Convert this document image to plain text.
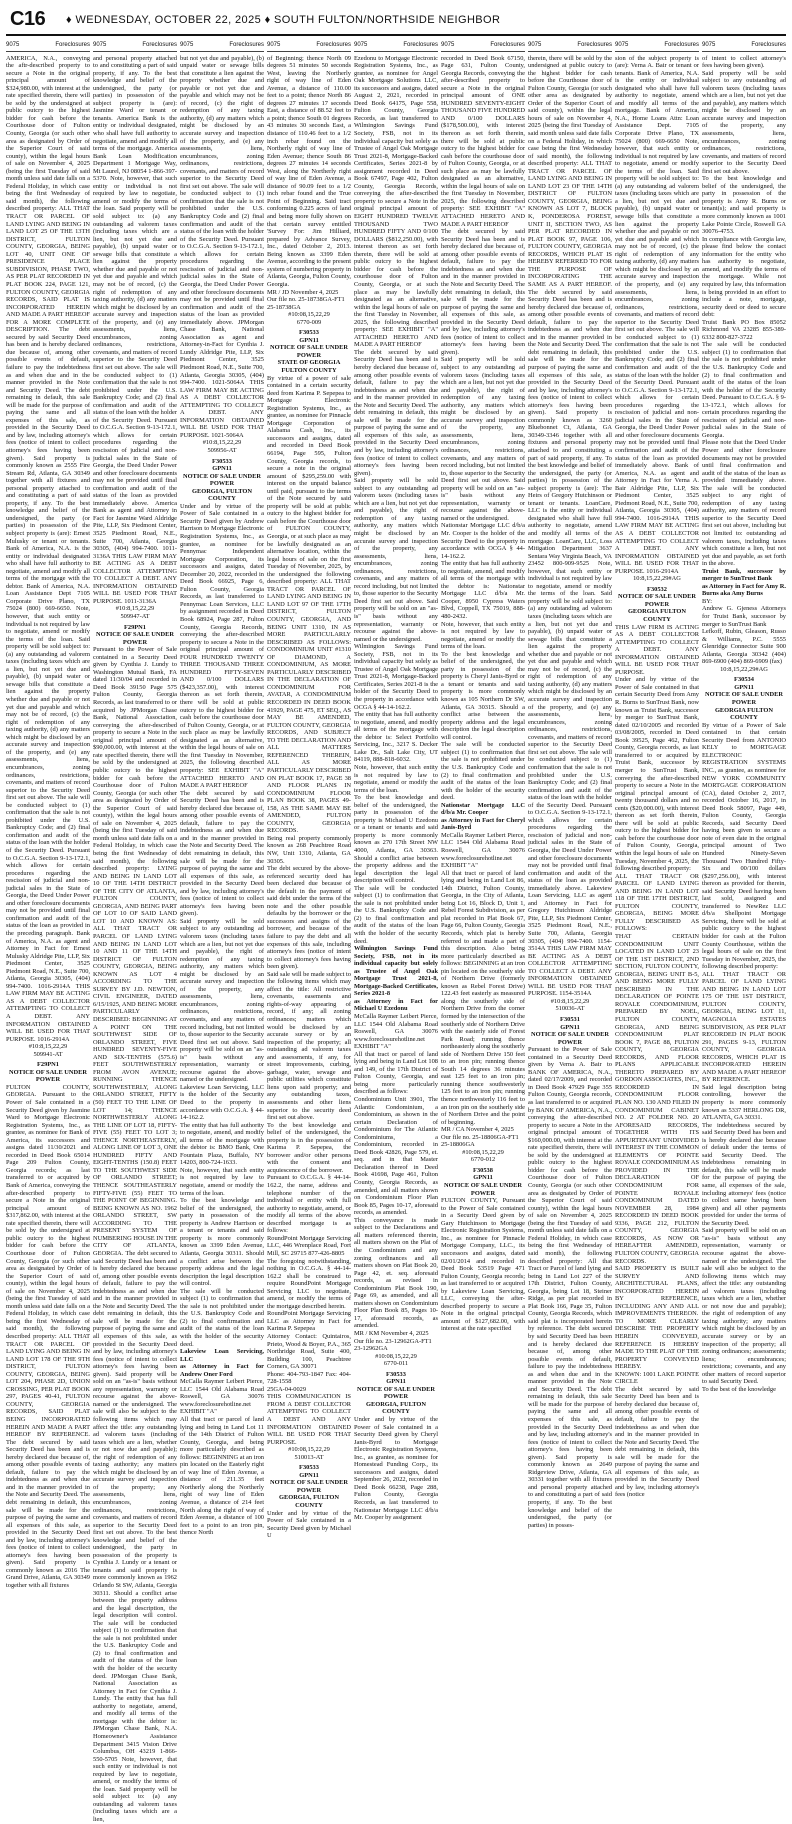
C16 ♦ WEDNESDAY, OCTOBER 22, 2025 ♦ SOUTH FULTON/NORTHSIDE NEIGHBOR
9075	Foreclosures

AMERICA, N.A., conveying the aftr-described property to secure a Note in the original principal amount of $324,980.00, with interest at the rate specified therein, there will be sold by the undersigned at public outcry to the highest bidder for cash before the Courthouse door of Fulton County, Georgia (or such other area as designated by Order of the Superior Court of said county), within the legal hours of sale on November 4, 2025 (being the first Tuesday of said month unless said date falls on a Federal Holiday, in which case being the first Wednesday of said month), the following described property: ALL THAT TRACT OR PARCEL OF LAND LYING AND BEING IN LAND LOT 25 OF THE 13TH DISTRICT, FULTON COUNTY, GEORGIA, BEING LOT 40, UNIT ONE OF PRESIDENCE PLACE SUBDIVISION, PHASE TWO, AS PER PLAT RECORDED IN PLAT BOOK 224, PAGE 121, FULTON COUNTY, GEORGIA RECORDS, SAID PLAT IS INCORPORATED HEREIN AND MADE A PART HEREOF FOR A MORE COMPLETE DESCRIPTION. The debt secured by said Security Deed has been and is hereby declared due because of, among other possible events of default, failure to pay the indebtedness as and when due and in the manner provided in the Note and Security Deed. The debt remaining in default, this sale will be made for the purpose of paying the same and all expenses of this sale, as provided in the Security Deed and by law, including attorney's fees (notice of intent to collect attorney's fees having been given). Said property is commonly known as 2555 Fire Stream Rd, Atlanta, GA 30349 together with all fixtures and personal property attached to and constituting a part of said property, if any. To the best knowledge and belief of the undersigned, the party (or parties) in possession of the subject property is (are): Ernest Mulusky or tenant or tenants. Bank of America, N.A. is the entity or individual designated who shall have full authority to negotiate, amend and modify all terms of the mortgage with the debtor. Bank of America, N.A. Loan Assistance Dept 7105 Corporate Drive Plano, TX 75024 (800) 669-6650. Note, however, that such entity or individual is not required by law to negotiate, amend or modify the terms of the loan. Said property will be sold subject to: (a) any outstanding ad valorem taxes (including taxes which are a lien, but not yet due and payable), (b) unpaid water or sewage bills that constitute a lien against the property whether due and payable or not yet due and payable and which may not be of record, (c) the right of redemption of any taxing authority, (d) any matters which might be disclosed by an accurate survey and inspection of the property, and (e) any assessments, liens, encumbrances, zoning ordinances, restrictions, covenants, and matters of record superior to the Security Deed first set out above. The sale will be conducted subject to (1) confirmation that the sale is not prohibited under the U.S. Bankruptcy Code; and (2) final confirmation and audit of the status of the loan with the holder of the Security Deed. Pursuant to O.C.G.A. Section 9-13-172.1, which allows for certain procedures regarding the rescission of judicial and non-judicial sales in the State of Georgia, the Deed Under Power and other foreclosure documents may not be provided until final confirmation and audit of the status of the loan as provided in the preceding paragraph. Bank of America, N.A. as agent and Attorney in Fact for Ernest Mulusky Aldridge Pite, LLP, Six Piedmont Center, 3525 Piedmont Road, N.E., Suite 700, Atlanta, Georgia 30305, (404) 994-7400. 1016-2914A THIS LAW FIRM MAY BE ACTING AS A DEBT COLLECTOR ATTEMPTING TO COLLECT A DEBT. ANY INFORMATION OBTAINED WILL BE USED FOR THAT PURPOSE. 1016-2914A

#10:8,15,22,29

509941-AT

F29PN1

NOTICE OF SALE UNDER POWER

FULTON COUNTY, GEORGIA. Pursuant to the Power of Sale contained in a Security Deed given by Jasmine Ward to Mortgage Electronic Registration Systems, Inc., as grantee, as nominee for Bank of America, its successors and assigns dated 11/30/2021 and recorded in Deed Book 65014 Page 209 Fulton County, Georgia records; as last transferred to or acquired by Bank of America, conveying the after-described property to secure a Note in the original principal amount of $317,862.00, with interest at the rate specified therein, there will be sold by the undersigned at public outcry to the highest bidder for cash before the Courthouse door of Fulton County, Georgia (or such other area as designated by Order of the Superior Court of said county), within the legal hours of sale on November 4, 2025 (being the first Tuesday of said month unless said date falls on a Federal Holiday, in which case being the first Wednesday of said month), the following described property: ALL THAT TRACT OR PARCEL OF LAND LYING AND BEING IN LAND LOT 178 OF THE 9TH DISTRICT, FULTON COUNTY, GEORGIA, BEING LOT 204, PHASE 2D, UNION CROSSING, PER PLAT BOOK 297, PAGES 40-41, FULTON COUNTY, GEORGIA RECORDS, SAID PLAT BEING INCORPORATED HEREIN AND MADE A PART HEREOF BY REFERENCE. The debt secured by said Security Deed has been and is hereby declared due because of, among other possible events of default, failure to pay the indebtedness as and when due and in the manner provided in the Note and Security Deed. The debt remaining in default, this sale will be made for the purpose of paying the same and all expenses of this sale, as provided in the Security Deed and by law, including attorney's fees (notice of intent to collect attorney's fees having been given). Said property is commonly known as 2016 The Grand Drive, Atlanta, GA 30349 together with all fixtures

9075	Foreclosures

and personal property attached to and constituting a part of said property, if any. To the best knowledge and belief of the undersigned, the party (or parties) in possession of the subject property is (are): Jasmine Ward or tenant or tenants. America Bank is the entity or individual designated, who shall have full authority to negotiate, amend and modify all terms of the mortgage. America Bank Loan Modification Department 1 Mortgage Way, Mt Laurel, NJ 08054 1-866-397-5370. Note, however, that such entity or individual is not required by law to negotiate, amend or modify the terms of the loan. Said property will be sold subject to: (a) any outstanding ad valorem taxes (including taxes which are a lien, but not yet due and payable), (b) unpaid water or sewage bills that constitute a lien against the property whether due and payable or not yet due and payable and which may not be of record, (c) the right of redemption of any taxing authority, (d) any matters which might be disclosed by an accurate survey and inspection of the property, and (e) any assessments, liens, encumbrances, zoning ordinances, restrictions, covenants, and matters of record superior to the Security Deed first set out above. The sale will be conducted subject to (1) confirmation that the sale is not prohibited under the U.S. Bankruptcy Code; and (2) final confirmation and audit of the status of the loan with the holder of the Security Deed. Pursuant to O.C.G.A. Section 9-13-172.1, which allows for certain procedures regarding the rescission of judicial and non-judicial sales in the State of Georgia, the Deed Under Power and other foreclosure documents may not be provided until final confirmation and audit of the status of the loan as provided immediately above. America Bank as agent and Attorney in Fact for Jasmine Ward Aldridge Pite, LLP, Six Piedmont Center, 3525 Piedmont Road, N.E., Suite 700, Atlanta, Georgia 30305, (404) 994-7400. 1011-3136A THIS LAW FIRM MAY BE ACTING AS A DEBT COLLECTOR ATTEMPTING TO COLLECT A DEBT. ANY INFORMATION OBTAINED WILL BE USED FOR THAT PURPOSE. 1011-3136A

#10:8,15,22,29

509947-AT

F29PN1

NOTICE OF SALE UNDER POWER

Pursuant to the Power of Sale contained in a Security Deed given by Cynthia J. Lundy to Washington Mutual Bank, FA dated 11/30/04 and recorded in Deed Book 39150 Page 575 Fulton County, Georgia Records, as last transferred to or acquired by JPMorgan Chase Bank, National Association, conveying the after-described property to secure a Note in the original principal amount of $90,000.00, with interest at the rate specified therein, there will be sold by the undersigned at public outcry to the highest bidder for cash before the Courthouse door of Fulton County, Georgia (or such other area as designated by Order of the Superior Court of said county), within the legal hours of sale on November 4, 2025 (being the first Tuesday of said month unless said date falls on a Federal Holiday, in which case being the first Wednesday of said month), the following described property: LYING AND BEING IN LAND LOT 10 OF THE 14TH DISTRICT OF THE CITY OF ATLANTA, FULTON COUNTY, GEORGIA, AND BEING PART OF LOT 10 OF SAID LAND LOT 10 AND KNOWN AS: ALL THAT TRACT OR PARCEL OF LAND LYING AND BEING IN LAND LOT 10 AND 11 OF THE 14TH DISTRICT OF FULTON COUNTY, GEORGIA, BEING KNOWN AS LOT 4 ACCORDING TO THE SURVEY BY J.D. NEWTON, CIVIL ENGINEER, DATED 6/15/1925, AND BEING MORE PARTICULARLY DESCRIBED: BEGINNING AT A POINT ON THE SOUTHWEST SIDE OF ORLANDO STREET, FIVE HUNDRED SEVENTY-FIVE AND SIX-TENTHS (575.6) FEET SOUTHWESTERLY FROM AVON AVENUE; RUNNING THENCE SOUTHWESTERLY, ALONG ORLANDO STREET, FIFTY (50) FEET TO THE LINE OF LOT 14; THENCE NORTHWESTERLY ALONG THE LINE OF LOT 18, FIFTY-FIVE (55) FEET TO LOT 3; THENCE NORTHEASTERLY, ALONG LINE OF LOT 3, ONE HUNDRED FIFTY AND EIGHT-TENTHS (150.8) FEET TO THE SOUTHWEST SIDE OF ORLANDO STREET; THENCE SOUTHEASTERLY FIFTY-FIVE (55) FEET TO THE POINT OF BEGINNING. BEING KNOWN AS NO. 1962 ORLANDO STREET, SW ACCORDING TO THE PRESENT SYSTEM OF NUMBERING HOUSE IN THE CITY OF ATLANTA, GEORGIA. The debt secured to said Security Deed has been and is hereby declared due because of, among other possible events of default, failure to pay the indebtedness as and when due and in the manner provided in the Note and Security Deed. The debt remaining in default, this sale will be made for the purpose of paying the same and all expenses of this sale, as provided in the Security Deed and by law, including attorney's fees (notice of intent to collect attorney's fees having been given). Said property will be sold on an "as-is" basis without any representation, warranty or recourse against the above-named or the undersigned. The sale will also be subject to the following items which may affect the title: any outstanding ad valorem taxes (including taxes which are a lien, whether or not now due and payable); the right of redemption of any taxing authority; any matters which might be disclosed by an accurate survey and inspection of the property; any assessments, liens, encumbrances, zoning ordinances, restrictions, covenants, and matters of record superior to the Security Deed first set out above. To the best knowledge and belief of the undersigned, the party in possession of the property is Cynthia J. Lundy or a tenant or tenants and said property is more commonly known as 1962 Orlando St SW, Atlanta, Georgia 30311. Should a conflict arise between the property address and the legal description, the legal description will control. The sale will be conducted subject (1) to confirmation that the sale is not prohibited under the U.S. Bankruptcy Code and (2) to final confirmation and audit of the status of the loan with the holder of the security deed. JPMorgan Chase Bank, National Association as Attorney in Fact for Cynthia J. Lundy. The entity that has full authority to negotiate, amend, and modify all terms of the mortgage with the debtor is: JPMorgan Chase Bank, N.A. Homeowner's Assistance Department 3415 Vision Drive Columbus, OH 43219 1-866-550-5705 Note, however, that such entity or individual is not required by law to negotiate, amend, or modify the terms of the loan. Said property will be sold subject to: (a) any outstanding ad valorem taxes (including taxes which are a lien,

9075	Foreclosures

but not yet due and payable), (b) unpaid water or sewage bills that constitute a lien against the property whether due and payable or not yet due and payable and which may not be of record, (c) the right of redemption of any taxing authority, (d) any matters which might be disclosed by an accurate survey and inspection of the property, and (e) any assessments, liens, encumbrances, zoning ordinances, restrictions, covenants, and matters of record superior to the Security Deed first set out above. The sale will be conducted subject to (1) confirmation that the sale is not prohibited under the U.S. Bankruptcy Code and (2) final confirmation and audit of the status of the loan with the holder of the Security Deed. Pursuant to O.C.G.A. Section 9-13-172.1, which allows for certain procedures regarding the rescission of judicial and non-judicial sales in the State of Georgia, the Deed Under Power and other foreclosure documents may not be provided until final confirmation and audit of the status of the loan as provided immediately above. JPMorgan Chase Bank, National Association as agent and Attorney-in-Fact for Cynthia J. Lundy Aldridge Pite, LLP, Six Piedmont Center, 3525 Piedmont Road, N.E., Suite 700, Atlanta, Georgia 30305, (404) 994-7400. 1021-5064A THIS LAW FIRM MAY BE ACTING AS A DEBT COLLECTOR ATTEMPTING TO COLLECT A DEBT. ANY INFORMATION OBTAINED WILL BE USED FOR THAT PURPOSE. 1021-5064A

#10:8,15,22,29

509956-AT

F30533

GPN11

NOTICE OF SALE UNDER POWER

GEORGIA, FULTON COUNTY

Under and by virtue of the Power of Sale contained in a Security Deed given by Andrew Harrison to Mortgage Electronic Registration Systems, Inc., as grantee, as nominee for Pennymac Independent Mortgage Corporation, its successors and assigns, dated December 20, 2022, recorded in Deed Book 66925, Page 6, Fulton County, Georgia Records, as last transferred to Pennymac Loan Services, LLC by assignment recorded in Deed Book 68924, Page 287, Fulton County, Georgia Records, conveying the after-described property to secure a Note in the original principal amount of FOUR HUNDRED TWENTY THREE THOUSAND THREE HUNDRED FIFTY-SEVEN AND 0/100 DOLLARS ($423,357.00), with interest thereon as set forth therein, there will be sold at public outcry to the highest bidder for cash before the courthouse door of Fulton County, Georgia, or at such place as may be lawfully designated as an alternative, within the legal hours of sale on the first Tuesday in November, 2025, the following described property: SEE EXHIBIT "A" ATTACHED HERETO AND MADE A PART HEREOF

The debt secured by said Security Deed has been and is hereby declared due because of, among other possible events of default, failure to pay the indebtedness as and when due and in the manner provided in the Note and Security Deed. The debt remaining in default, this sale will be made for the purpose of paying the same and all expenses of this sale, as provided in the Security Deed and by law, including attorney's fees (notice of intent to collect attorney's fees having been given).

Said property will be sold subject to any outstanding ad valorem taxes (including taxes which are a lien, but not yet due and payable), the right of redemption of any taxing authority, any matters which might be disclosed by an accurate survey and inspection of the property, any assessments, liens, encumbrances, zoning ordinances, restrictions, covenants, and any matters of record including, but not limited to, those superior to the Security Deed first set out above. Said property will be sold on an "as-is" basis without any representation, warranty or recourse against the above-named or the undersigned.

Lakeview Loan Servicing, LLC is the holder of the Security Deed to the property in accordance with O.C.G.A. § 44-14-162.2.

The entity that has full authority to negotiate, amend, and modify all terms of the mortgage with the debtor is: BMO Bank, One Fountain Plaza, Buffalo, NY 14203, 800-724-1633.

Note, however, that such entity is not required by law to negotiate, amend or modify the terms of the loan.

To the best knowledge and belief of the undersigned, the party in possession of the property is Andrew Harrison or a tenant or tenants and said property is more commonly known as 3399 Eden Avenue, Atlanta, Georgia 30311. Should a conflict arise between the property address and the legal description the legal description will control.

The sale will be conducted subject (1) to confirmation that the sale is not prohibited under the U.S. Bankruptcy Code and (2) to final confirmation and audit of the status of the loan with the holder of the security deed.

Lakeview Loan Servicing, LLC

as Attorney in Fact for Andrew Oner Ford

McCalla Raymer Leibert Pierce, LLC 1544 Old Alabama Road Roswell, GA 30076 www.foreclosurehotline.net

EXHIBIT "A"

All that tract or parcel of land lying and being in Land Lot 11 of the 14th District of Fulton County, Georgia, and being more particularly described as follows: BEGINNING at an iron pin located on the Easterly right of way line of Eden Avenue, a distance of 211.35 feet Northerly along the Northerly right of way line of Eden Avenue, a distance of 214 feet North along the right of way of Eden Avenue, a distance of 100 feet to a point to an iron pin, thence North

9075	Foreclosures

of Beginning; thence North 09 degrees 51 minutes 50 seconds West, leaving the Northerly right of way line of Eden Avenue, a distance of 110.00 feet to a point; thence North 86 degrees 27 minutes 17 seconds East, a distance of 88.52 feet to a point; thence South 01 degrees 43 minutes 30 seconds East, a distance of 110.46 feet to a 1/2 inch rebar found on the Northerly right of way line of Eden Avenue; thence South 86 degrees 27 minutes 14 seconds West, along the Northerly right of way line of Eden Avenue, a distance of 90.09 feet to a 1/2 inch rebar found and the True Point of Beginning. Said tract conforming 0.225 acres of land and being more fully shown on that certain survey entitled 'Survey For: Jim Hilliard, prepared by Advance Survey, Inc., dated October 2, 2013. Being known as 3399 Eden Avenue, according to the present system of numbering property in Atlanta, Georgia, Fulton County, Georgia.

MR / JD November 4, 2025

Our file no. 25-18738GA-FT1

25-18738GA

#10:08,15,22,29

6770-009

F30533

GPN11

NOTICE OF SALE UNDER POWER

STATE OF GEORGIA FULTON COUNTY

By virtue of a power of sale contained in a certain security deed from Karima P. Sepepea to Mortgage Electronic Registration Systems, Inc., as grantee, as nominee for Pinnacle Mortgage Corporation of Alabama Cash, Inc., its successors and assigns, dated and recorded in Deed Book 66194, Page 595, Fulton County, Georgia records, to secure a note in the original amount of $295,259.00 with interest on the unpaid balance until paid, pursuant to the terms of the Note secured by said property will be sold at public outcry to the highest bidder for cash before the Courthouse door of FULTON COUNTY, Georgia, or at such place as may be lawfully designated as an alternative location, within the legal hours of sale on the first Tuesday of November, 2025, by the undersigned the following described property: ALL THAT TRACT OR PARCEL OF LAND LYING AND BEING IN LAND LOT 97 OF THE 17TH DISTRICT, FULTON COUNTY, GEORGIA, AND BEING UNIT 1310, IN AS MORE PARTICULARLY DESCRIBED AS FOLLOWS: CONDOMINIUM UNIT #1310 OF DIAMOND, A CONDOMINIUM, AS MORE PARTICULARLY DESCRIBED IN THE DECLARATION OF CONDOMINIUM FOR AVATAR, A CONDOMINIUM RECORDED IN DEED BOOK 41929, PAGE 475, ET SEQ., AS MAY BE AMENDED, FULTON COUNTY, GEORGIA RECORDS, AND SUBJECT TO THE DECLARATION AND ALL MATTERS REFERENCED THEREIN, ALL AS MORE PARTICULARLY DESCRIBED ON PLAT BOOK 17, PAGE 38 AND FLOOR PLANS IN CONDOMINIUM FLOOR PLAN BOOK 38, PAGES 49-158, AS THE SAME MAY BE AMENDED, FULTON COUNTY, GEORGIA RECORDS.

Being real property commonly known as 268 Peachtree Road NW, Unit 1310, Atlanta, GA 30305.

The debt secured by the above-referenced security deed has been declared due because of the default in the payment of said debt under the terms of the note and the other possible defaults by the borrower or the successors and assigns of the borrower, and because of the failure to pay the debt and all expenses of this sale, including attorney's fees (notice of intent to collect attorney's fees having been given).

Said sale will be made subject to the following items which may affect the title: All restrictive covenants, easements and rights-of-way appearing of record, if any; all zoning ordinances; matters which would be disclosed by an accurate survey or by an inspection of the property; all outstanding ad valorem taxes and assessments, if any, for street improvements, curbing, garbage, water, sewage and public utilities which constitute liens upon said property; and any outstanding taxes, assessments and other liens superior to the security deed first set out above.

To the best knowledge and belief of the undersigned, the property is in the possession of Karima P. Sepepea, the borrower and/or other persons with the consent and acquiescence of the borrower.

Pursuant to O.C.G.A. § 44-14-162.2, the name, address and telephone number of the individual or entity with full authority to negotiate, amend, or modify all terms of the above described mortgage is as follows:

RoundPoint Mortgage Servicing LLC, 446 Wrenplace Road, Fort Mill, SC 29715 877-426-8805

The foregoing notwithstanding, nothing in O.C.G.A. § 44-14-162.2 shall be construed to require RoundPoint Mortgage Servicing LLC to negotiate, amend, or modify the terms of the mortgage described herein.

RoundPoint Mortgage Servicing LLC as Attorney in Fact for Karima P. Sepepea

Attorney Contact: Quintairos, Prieto, Wood & Boyer, P.A., 365 Northridge Road, Suite 400, Building 100, Peachtree Corners, GA 30071

Phone: 404-793-1847 Fax: 404-728-1558

25GA-04-0029

THIS COMMUNICATION IS FROM A DEBT COLLECTOR ATTEMPTING TO COLLECT A DEBT AND ANY INFORMATION OBTAINED WILL BE USED FOR THAT PURPOSE.

#10:08,15,22,29

510013-AT

F30533

GPN11

NOTICE OF SALE UNDER POWER

GEORGIA, FULTON COUNTY

Under and by virtue of the Power of Sale contained in a Security Deed given by Michael U

9075	Foreclosures

Ezedonu to Mortgage Electronic Registration Systems, Inc., as grantee, as nominee for Angel Oak Mortgage Solutions LLC, its successors and assigns, dated August 2, 2021, recorded in Deed Book 64175, Page 558, Fulton County, Georgia Records, as last transferred to Wilmington Savings Fund Society, FSB, not in its individual capacity but solely as Trustee of Angel Oak Mortgage Trust 2021-8, Mortgage-Backed Certificates, Series 2021-8 by assignment recorded in Deed Book 67497, Page 402, Fulton County, Georgia Records, conveying the after-described property to secure a Note in the original principal amount of EIGHT HUNDRED TWELVE THOUSAND TWO HUNDRED FIFTY AND 0/100 DOLLARS ($812,250.00), with interest thereon as set forth therein, there will be sold at public outcry to the highest bidder for cash before the courthouse door of Fulton County, Georgia, or at such place as may be lawfully designated as an alternative, within the legal hours of sale on the first Tuesday in November, 2025, the following described property: SEE EXHIBIT "A" ATTACHED HERETO AND MADE A PART HEREOF

The debt secured by said Security Deed has been and is hereby declared due because of, among other possible events of default, failure to pay the indebtedness as and when due and in the manner provided in the Note and Security Deed. The debt remaining in default, this sale will be made for the purpose of paying the same and all expenses of this sale, as provided in the Security Deed and by law, including attorney's fees (notice of intent to collect attorney's fees having been given).

Said property will be sold subject to any outstanding ad valorem taxes (including taxes which are a lien, but not yet due and payable), the right of redemption of any taxing authority, any matters which might be disclosed by an accurate survey and inspection of the property, any assessments, liens, encumbrances, zoning ordinances, restrictions, covenants, and any matters of record including, but not limited to, those superior to the Security Deed first set out above. Said property will be sold on an "as-is" basis without any representation, warranty or recourse against the above-named or the undersigned.

Wilmington Savings Fund Society, FSB, not in its individual capacity but solely as Trustee of Angel Oak Mortgage Trust 2021-8, Mortgage-Backed Certificates, Series 2021-8 is the holder of the Security Deed to the property in accordance with OCGA § 44-14-162.2.

The entity that has full authority to negotiate, amend, and modify all terms of the mortgage with the debtor is: Select Portfolio Servicing, Inc., 3217 S. Decker Lake Dr., Salt Lake City, UT 84119, 888-818-6032.

Note, however, that such entity is not required by law to negotiate, amend or modify the terms of the loan.

To the best knowledge and belief of the undersigned, the party in possession of the property is Michael U Ezedonu or a tenant or tenants and said property is more commonly known as 270 17th Street NW 4000, Atlanta, GA 30363. Should a conflict arise between the property address and the legal description the legal description will control.

The sale will be conducted subject (1) to confirmation that the sale is not prohibited under the U.S. Bankruptcy Code and (2) to final confirmation and audit of the status of the loan with the holder of the security deed.

Wilmington Savings Fund Society, FSB, not in its individual capacity but solely as Trustee of Angel Oak Mortgage Trust 2021-8, Mortgage-Backed Certificates, Series 2021-8

as Attorney in Fact for Michael U Ezedonu

McCalla Raymer Leibert Pierce, LLC 1544 Old Alabama Road Roswell, GA 30076 www.foreclosurehotline.net

EXHIBIT "A"

All that tract or parcel of land lying and being in Land Lot 108 and 149, of the 17th District of Fulton County, Georgia, and being more particularly described as follows:

Condominium Unit 3901, The Atlantic Condominium, a Condominium, as shown in the certain Declaration of Condominium for The Atlantic Condominiums, a Condominium, recorded in Deed Book 42826, Page 579, et. seq. and in that Master Declaration thereof in Deed Book 41698, Page 461, Fulton County, Georgia Records, as amended, and all matters shown on Condominium Floor Plan Book 85, Pages 10-17, aforesaid records, as amended.

This conveyance is made subject to the Declarations and all matters referenced therein, all matters shown on the Plat of the Condominium and any zoning ordinances and all matters shown on Plat Book 20, Page 42, et. seq. aforesaid records, as revised in Condominium Plat Book 190, Page 69, as amended, and all matters shown on Condominium Floor Plan Book 85, Pages 10-17, aforesaid records, as amended.

MR / KM November 4, 2025

Our file no. 23-12962GA-FT1

23-12962GA

#10:08,15,22,29

6770-011

F30533

GPN11

NOTICE OF SALE UNDER POWER

GEORGIA, FULTON COUNTY

Under and by virtue of the Power of Sale contained in a Security Deed given by Cheryl Janis-Byrd to Mortgage Electronic Registration Systems, Inc., as grantee, as nominee for Homestead Funding Corp., its successors and assigns, dated September 26, 2022, recorded in Deed Book 66238, Page 288, Fulton County, Georgia Records, as last transferred to Nationstar Mortgage LLC d/b/a Mr. Cooper by assignment

9075	Foreclosures

recorded in Deed Book 67150, Page 631, Fulton County, Georgia Records, conveying the after-described property to secure a Note in the original principal amount of ONE HUNDRED SEVENTY-EIGHT THOUSAND FIVE HUNDRED AND 0/100 DOLLARS ($178,500.00), with interest thereon as set forth therein, there will be sold at public outcry to the highest bidder for cash before the courthouse door of Fulton County, Georgia, or at such place as may be lawfully designated as an alternative, within the legal hours of sale on the first Tuesday in November, 2025, the following described property: SEE EXHIBIT "A" ATTACHED HERETO AND MADE A PART HEREOF

The debt secured by said Security Deed has been and is hereby declared due because of, among other possible events of default, failure to pay the indebtedness as and when due and in the manner provided in the Note and Security Deed. The debt remaining in default, this sale will be made for the purpose of paying the same and all expenses of this sale, as provided in the Security Deed and by law, including attorney's fees (notice of intent to collect attorney's fees having been given).

Said property will be sold subject to any outstanding ad valorem taxes (including taxes which are a lien, but not yet due and payable), the right of redemption of any taxing authority, any matters which might be disclosed by an accurate survey and inspection of the property, any assessments, liens, encumbrances, zoning ordinances, restrictions, covenants, and any matters of record including, but not limited to, those superior to the Security Deed first set out above. Said property will be sold on an "as-is" basis without any representation, warranty or recourse against the above-named or the undersigned.

Nationstar Mortgage LLC d/b/a Mr. Cooper is the holder of the Security Deed to the property in accordance with OCGA § 44-14-162.2.

The entity that has full authority to negotiate, amend, and modify all terms of the mortgage with the debtor is: Nationstar Mortgage LLC d/b/a Mr. Cooper, 8950 Cypress Waters Blvd, Coppell, TX 75019, 888-480-2432.

Note, however, that such entity is not required by law to negotiate, amend or modify the terms of the loan.

To the best knowledge and belief of the undersigned, the party in possession of the property is Cheryl Janis-Byrd or a tenant or tenants and said property is more commonly known as 105 Northern Dr SW, Atlanta, GA 30315. Should a conflict arise between the property address and the legal description the legal description will control.

The sale will be conducted subject (1) to confirmation that the sale is not prohibited under the U.S. Bankruptcy Code and (2) to final confirmation and audit of the status of the loan with the holder of the security deed.

Nationstar Mortgage LLC d/b/a Mr. Cooper

as Attorney in Fact for Cheryl Janis-Byrd

McCalla Raymer Leibert Pierce, LLC 1544 Old Alabama Road Roswell, GA 30076 www.foreclosurehotline.net

EXHIBIT "A"

All that tract or parcel of land lying and being in Land Lot 86, 14th District, Fulton County, Georgia, in the City of Atlanta, being Lot 16, Block D, Unit 1, Rebel Forest Subdivision, as per plat recorded in Plat Book 67, Page 66, Fulton County, Georgia Records, which plat is hereby referred to and made a part of this description. Also being more particularly described as follows: BEGINNING at an iron pin located on the southerly side of Northern Drive (formerly known as Rebel Forest Drive) 122.43 feet easterly as measured along the southerly side of Northern Drive from the corner formed by the intersection of the southerly side of Northern Drive with the easterly side of Forest Park Road; running thence northeasterly along the southerly side of Northern Drive 150 feet to an iron pin; running thence South 14 degrees 36 minutes east 125 feet to an iron pin; running thence southwesterly 125 feet to an iron pin; running thence northwesterly 116 feet to an iron pin on the southerly side of Northern Drive and the point of beginning.

MR / CA November 4, 2025

Our file no. 25-18806GA-FT1

25-18806GA

#10:08,15,22,29

6770-012

F30538

GPN11

NOTICE OF SALE UNDER POWER

FULTON COUNTY, Pursuant to the Power of Sale contained in a Security Deed given by Gary Hutchinson to Mortgage Electronic Registration Systems, Inc., as nominee for Pinnacle Mortgage Company, LLC., its successors and assigns, dated 02/01/2014 and recorded in Deed Book 53519 Page 471 Fulton County, Georgia records; as last transferred to or acquired by Lakeview Loan Servicing, LLC, conveying the after-described property to secure a Note in the original principal amount of $127,682.00, with interest at the rate specified

9075	Foreclosures

therein, there will be sold by the undersigned at public outcry to the highest bidder for cash before the Courthouse door of Fulton County, Georgia (or such other area as designated by Order of the Superior Court of said county), within the legal hours of sale on November 4, 2025 (being the first Tuesday of said month unless said date falls on a Federal Holiday, in which case being the first Wednesday of said month), the following described property: ALL THAT TRACT OR PARCEL OF LAND LYING AND BEING IN LAND LOT 23 OF THE 14TH DISTRICT OF FULTON COUNTY, GEORGIA, BEING KNOWN AS LOT 7, BLOCK K, PONDEROSA FOREST, UNIT II, SECTION TWO, AS PER PLAT RECORDED IN PLAT BOOK 97, PAGE 106, FULTON COUNTY, GEORGIA RECORDS, WHICH PLAT IS HEREBY REFERRED TO FOR THE PURPOSE OF INCORPORATING THE SAME AS A PART HEREOF. The debt secured by said Security Deed has been and is hereby declared due because of, among other possible events of default, failure to pay the indebtedness as and when due and in the manner provided in the Note and Security Deed. The debt remaining in default, this sale will be made for the purpose of paying the same and all expenses of this sale, as provided in the Security Deed and by law, including attorney's fees (notice of intent to collect attorney's fees having been given). Said property is commonly known as 3260 Bluebonnet Ct, Atlanta, GA 30349-3346 together with all fixtures and personal property attached to and constituting a part of said property, if any. To the best knowledge and belief of the undersigned, the party (or parties) in possession of the subject property is (are): The Heirs of Gregory Hutchinson or tenant or tenants. LoanCare, LLC is the entity or individual designated who shall have full authority to negotiate, amend and modify all terms of the mortgage. LoanCare, LLC, Loss Mitigation Department 3637 Sentara Way Virginia Beach, VA 23452 800-909-9525 Note, however, that such entity or individual is not required by law to negotiate, amend or modify the terms of the loan. Said property will be sold subject to: (a) any outstanding ad valorem taxes (including taxes which are a lien, but not yet due and payable), (b) unpaid water or sewage bills that constitute a lien against the property whether due and payable or not yet due and payable and which may not be of record, (c) the right of redemption of any taxing authority, (d) any matters which might be disclosed by an accurate survey and inspection of the property, and (e) any assessments, liens, encumbrances, zoning ordinances, restrictions, covenants, and matters of record superior to the Security Deed first set out above. The sale will be conducted subject to (1) confirmation that the sale is not prohibited under the U.S. Bankruptcy Code; and (2) final confirmation and audit of the status of the loan with the holder of the Security Deed. Pursuant to O.C.G.A. Section 9-13-172.1, which allows for certain procedures regarding the rescission of judicial and non-judicial sales in the State of Georgia, the Deed Under Power and other foreclosure documents may not be provided until final confirmation and audit of the status of the loan as provided immediately above. Lakeview Loan Servicing, LLC as agent and Attorney in Fact for Gregory Hutchinson Aldridge Pite, LLP, Six Piedmont Center, 3525 Piedmont Road, N.E., Suite 700, Atlanta, Georgia 30305, (404) 994-7400. 1154-3514A THIS LAW FIRM MAY BE ACTING AS A DEBT COLLECTOR ATTEMPTING TO COLLECT A DEBT. ANY INFORMATION OBTAINED WILL BE USED FOR THAT PURPOSE. 1154-3514A

#10:8,15,22,29

510036-AT

F30531

GPN11

NOTICE OF SALE UNDER POWER

Pursuant to the Power of Sale contained in a Security Deed given by Verna A. Bair to BANK OF AMERICA, N.A., dated 02/17/2009, and recorded in Deed Book 47929 Page 355 Fulton County, Georgia records, as last transferred to or acquired by BANK OF AMERICA, N.A., conveying the after-described property to secure a Note in the original principal amount of $160,000.00, with interest at the rate specified therein, there will be sold by the undersigned at public outcry to the highest bidder for cash before the Courthouse door of Fulton County, Georgia (or such other area as designated by Order of the Superior Court of said county), within the legal hours of sale on November 4, 2025 (being the first Tuesday of said month unless said date falls on a Federal Holiday, in which case being the first Wednesday of said month), the following described property: All that Tract or Parcel of land lying and being in Land Lot 227 of the 17th District, Fulton County, Georgia, being Lot 18, Steiner Ridge, as per plat recorded in Plat Book 166, Page 35, Fulton County, Georgia Records, which said plat is incorporated herein by reference. The debt secured by said Security Deed has been and is hereby declared due because of, among other possible events of default, failure to pay the indebtedness as and when due and in the manner provided in the Note and Security Deed. The debt remaining in default, this sale will be made for the purpose of paying the same and all expenses of this sale, as provided in the Security Deed and by law, including attorney's fees (notice of intent to collect attorney's fees having been given). Said property is commonly known as 2649 Ridgeview Drive, Atlanta, GA 30331 together with all fixtures and personal property attached to and constituting a part of said property, if any. To the best knowledge and belief of the undersigned, the party (or parties) in posses-

9075	Foreclosures

sion of the subject property is (are): Verna A. Bair or tenant or tenants. Bank of America, N.A. is the entity or individual designated who shall have full authority to negotiate, amend and modify all terms of the mortgage. Bank of America, N.A., Home Loans Attn: Loan Assistance Dept. 7105 Corporate Drive Plano, TX 75024 (800) 669-6650 Note, however, that such entity or individual is not required by law to negotiate, amend or modify the terms of the loan. Said property will be sold subject to: (a) any outstanding ad valorem taxes (including taxes which are a lien, but not yet due and payable), (b) unpaid water or sewage bills that constitute a lien against the property whether due and payable or not yet due and payable and which may not be of record, (c) the right of redemption of any taxing authority, (d) any matters which might be disclosed by an accurate survey and inspection of the property, and (e) any assessments, liens, encumbrances, zoning ordinances, restrictions, covenants, and matters of record superior to the Security Deed first set out above. The sale will be conducted subject to (1) confirmation that the sale is not prohibited under the U.S. Bankruptcy Code; and (2) final confirmation and audit of the status of the loan with the holder of the Security Deed. Pursuant to O.C.G.A. Section 9-13-172.1, which allows for certain procedures regarding the rescission of judicial and non-judicial sales in the State of Georgia, the Deed Under Power and other foreclosure documents may not be provided until final confirmation and audit of the status of the loan as provided immediately above. Bank of America, N.A. as agent and Attorney in Fact for Verna A. Bair Aldridge Pite, LLP, Six Piedmont Center, 3525 Piedmont Road, N.E., Suite 700, Atlanta, Georgia 30305, (404) 994-7400. 1016-2914A THIS LAW FIRM MAY BE ACTING AS A DEBT COLLECTOR ATTEMPTING TO COLLECT A DEBT. ANY INFORMATION OBTAINED WILL BE USED FOR THAT PURPOSE. 1016-2914A

10:8,15,22,29#AG

F30532

NOTICE OF SALE UNDER POWER

GEORGIA FULTON COUNTY

THIS LAW FIRM IS ACTING AS A DEBT COLLECTOR ATTEMPTING TO COLLECT A DEBT. ANY INFORMATION OBTAINED WILL BE USED FOR THAT PURPOSE.

Under and by virtue of the Power of Sale contained in that certain Security Deed from Amy R. Burns to SunTrust Bank, now known as Truist Bank, successor by merger to SunTrust Bank, dated 02/10/2005 and recorded 03/08/2005, recorded in Deed Book 39525, Page 462, Fulton County, Georgia records, as last transferred to or acquired by Truist Bank, successor by merger to SunTrust Bank, conveying the after-described property to secure a Note in the original principal amount of twenty thousand dollars and no cents ($20,000.00), with interest thereon as set forth therein, there will be sold at public outcry to the highest bidder for cash before the courthouse door of Fulton County, Georgia, within the legal hours of sale on Tuesday, November 4, 2025, the following described property:

ALL THAT TRACT OR PARCEL OF LAND LYING AND BEING IN LAND LOT 118 OF THE 17TH DISTRICT, FULTON COUNTY, GEORGIA, BEING MORE FULLY DESCRIBED AS FOLLOWS:

THAT CERTAIN CONDOMINIUM UNIT LOCATED IN LAND LOT 23 OF THE 1ST DISTRICT, 2ND SECTION, FULTON COUNTY, GEORGIA, BEING UNIT B-5, AND BEING MORE FULLY DESCRIBED IN THE DECLARATION OF POINTE ROYALE CONDOMINIUM, PREPARED BY NOEL, FULTON COUNTY, GEORGIA, AND BEING CONDOMINIUM PLAT BOOK 7, PAGE 88, FULTON COUNTY, GEORGIA RECORDS, AND FLOOR PLANS APPLICABLE THERETO PREPARED BY GORDON ASSOCIATES, INC., RECORDED IN CONDOMINIUM FLOOR PLAN NO. 130 AND FILED IN CONDOMINIUM CABINET NO. 2 AT FOLDER NO. 20 AFORESAID RECORDS, TOGETHER WITH ITS APPURTENANT UNDIVIDED INTEREST IN THE COMMON ELEMENTS OF POINTE ROYALE CONDOMINIUM AS PROVIDED IN THE DECLARATION OF CONDOMINIUM FOR POINTE ROYALE CONDOMINIUM DATED NOVEMBER 28, 1984 RECORDED IN DEED BOOK 9336, PAGE 212, FULTON COUNTY, GEORGIA RECORDS, AS NOW OR HEREAFTER AMENDED, FULTON COUNTY, GEORGIA RECORDS.

SAID PROPERTY IS BUILT SURVEY AND ARCHITECTURAL PLANS, INCORPORATED HEREIN BY REFERENCE, INCLUDING ANY AND ALL IMPROVEMENTS THEREON.

TO MORE CLEARLY DESCRIBE THE PROPERTY HEREIN CONVEYED, REFERENCE IS HEREBY MADE TO THE PLAT OF THE PROPERTY CONVEYED HEREBY.

KNOWN: 1001 LAKE POINTE CIRCLE

The debt secured by said Security Deed has been and is hereby declared due because of, among other possible events of default, failure to pay the indebtedness as and when due and in the manner provided in the Note and Security Deed. The debt remaining in default, this sale will be made for the purpose of paying the same and all expenses of this sale, as provided in the Security Deed and by law, including attorney's fees (notice

9075	Foreclosures

of intent to collect attorney's fees having been given).

Said property will be sold subject to any outstanding ad valorem taxes (including taxes which are a lien, but not yet due and payable), any matters which might be disclosed by an accurate survey and inspection of the property, any assessments, liens, encumbrances, zoning ordinances, restrictions, covenants, and matters of record superior to the Security Deed first set out above.

To the best knowledge and belief of the undersigned, the party in possession of the property is Amy R. Burns or tenant(s); and said property is more commonly known as 1001 Lake Pointe Circle, Roswell GA 30076-4753.

In compliance with Georgia law, please find below the contact information for the entity who has authority to negotiate, amend, and modify the terms of the mortgage. While not required by law, this information is being provided in an effort to include a note, mortgage, security deed or deed to secure debt:

Truist Bank PO Box 85052 Richmond VA 23285 855-389-6332 800-827-3722

The sale will be conducted subject (1) to confirmation that the sale is not prohibited under the U.S. Bankruptcy Code and (2) to final confirmation and audit of the status of the loan with the holder of the Security Deed. Pursuant to O.C.G.A. § 9-13-172.1, which allows for certain procedures regarding the rescission of judicial and non-judicial sales in the State of Georgia.

Please note that the Deed Under Power and other foreclosure documents may not be provided until final confirmation and audit of the status of the loan as provided immediately above. The sale will be conducted subject to any right of redemption of any taxing authority, any matters of record superior to the Security Deed first set out above, including but not limited to: outstanding ad valorem taxes, including taxes which constitute a lien, but not yet due and payable, as set forth in the above.

Truist Bank, successor by merger to SunTrust Bank

as Attorney in Fact for Amy R. Burns aka Amy Burns

BY:

Andrew G. Gjeness Attorneys for Truist Bank, successor by merger to SunTrust Bank

Lefkoff, Rubin, Gleason, Russo & Williams, P.C. 5555 Glenridge Connector Suite 900 Atlanta, Georgia 30342 (404) 869-6900 (404) 869-6909 (fax)

10:8,15,22,29#AG

F30534

GPN11

NOTICE OF SALE UNDER POWER

GEORGIA FULTON COUNTY

By virtue of a Power of Sale contained in that certain Security Deed from ANTONIO KELY to MORTGAGE ELECTRONIC REGISTRATION SYSTEMS INC., as grantee, as nominee for NEW YORK COMMUNITY MORTGAGE CORPORATION (CA), dated October 2, 2017, recorded October 16, 2017, in Deed Book 58097, Page 449, Fulton County, Georgia Records, said Security Deed having been given to secure a note of even date in the original principal amount of Two Hundred Ninety-Seven Thousand Two Hundred Fifty-Six and 00/100 dollars ($297,256.00), with interest thereon as provided for therein, said Security Deed having been last sold, assigned and transferred to NewRez LLC d/b/a Shellpoint Mortgage Servicing, there will be sold at public outcry to the highest bidder for cash at the Fulton County Courthouse, within the legal hours of sale on the first Tuesday in November, 2025, the following described property:

ALL THAT TRACT OR PARCEL OF LAND LYING AND BEING IN LAND LOT 175 OF THE 1ST DISTRICT, FULTON COUNTY, GEORGIA, BEING LOT 11, MAGNOLIA ESTATES SUBDIVISION, AS PER PLAT RECORDED IN PLAT BOOK 291, PAGES 9-13, FULTON COUNTY, GEORGIA RECORDS, WHICH PLAT IS INCORPORATED HEREIN AND MADE A PART HEREOF BY REFERENCE.

Said legal description being controlling, however the property is more commonly known as 5337 HERLONG DR, ATLANTA, GA 30331.

The indebtedness secured by said Security Deed has been and is hereby declared due because of default under the terms of said Security Deed. The indebtedness remaining in default, this sale will be made for the purpose of paying the same, all expenses of the sale, including attorneys' fees (notice to collect same having been given) and all other payments provided for under the terms of the Security Deed.

Said property will be sold on an "as-is" basis without any representation, warranty or recourse against the above-named or the undersigned. The sale will also be subject to the following items which may affect the title: any outstanding ad valorem taxes (including taxes which are a lien, whether or not now due and payable); the right of redemption of any taxing authority; any matters which might be disclosed by an accurate survey or by an inspection of the property; all zoning ordinances; assessments; liens; encumbrances; restrictions; covenants, and any other matters of record superior to said Security Deed.

To the best of the knowledge
